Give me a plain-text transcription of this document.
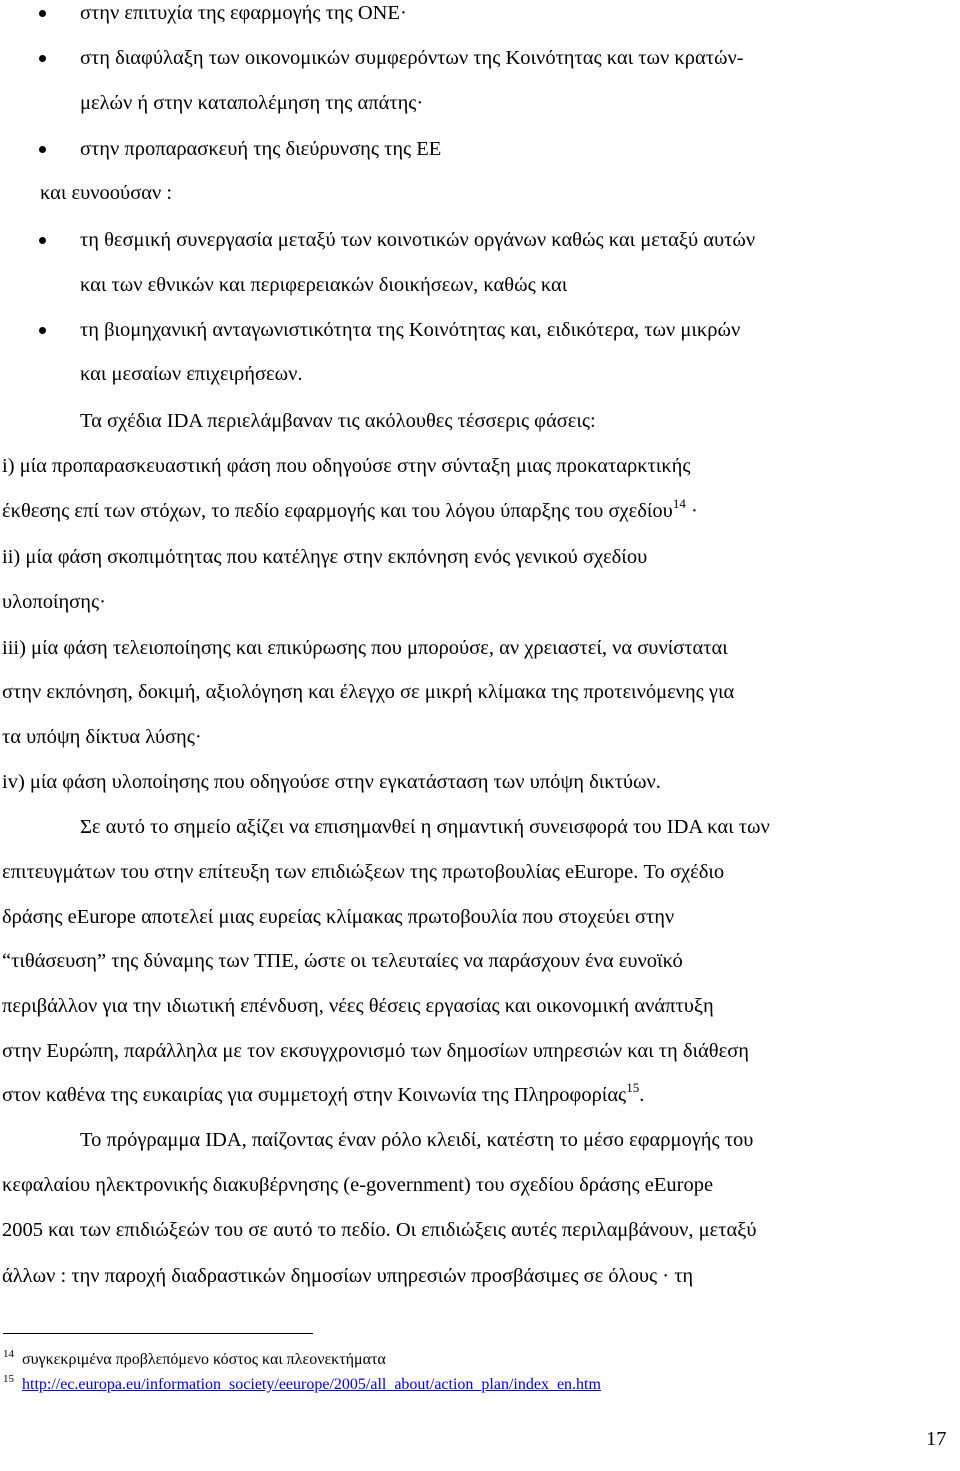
στην επιτυχία της εφαρμογής της ΟΝΕ·
στη διαφύλαξη των οικονομικών συμφερόντων της Κοινότητας και των κρατών-
μελών ή στην καταπολέμηση της απάτης·
στην προπαρασκευή της διεύρυνσης της ΕΕ
και ευνοούσαν :
τη θεσμική συνεργασία μεταξύ των κοινοτικών οργάνων καθώς και μεταξύ αυτών
και των εθνικών και περιφερειακών διοικήσεων, καθώς και
τη βιομηχανική ανταγωνιστικότητα της Κοινότητας και, ειδικότερα, των μικρών
και μεσαίων επιχειρήσεων.
Τα σχέδια IDA περιελάμβαναν τις ακόλουθες τέσσερις φάσεις:
i) μία προπαρασκευαστική φάση που οδηγούσε στην σύνταξη μιας προκαταρκτικής
έκθεσης επί των στόχων, το πεδίο εφαρμογής και του λόγου ύπαρξης του σχεδίου$^{14}$ ·
ii) μία φάση σκοπιμότητας που κατέληγε στην εκπόνηση ενός γενικού σχεδίου
υλοποίησης·
iii) μία φάση τελειοποίησης και επικύρωσης που μπορούσε, αν χρειαστεί, να συνίσταται
στην εκπόνηση, δοκιμή, αξιολόγηση και έλεγχο σε μικρή κλίμακα της προτεινόμενης για
τα υπόψη δίκτυα λύσης·
iv) μία φάση υλοποίησης που οδηγούσε στην εγκατάσταση των υπόψη δικτύων.
Σε αυτό το σημείο αξίζει να επισημανθεί η σημαντική συνεισφορά του IDA και των
επιτευγμάτων του στην επίτευξη των επιδιώξεων της πρωτοβουλίας eEurope. Το σχέδιο
δράσης eEurope αποτελεί μιας ευρείας κλίμακας πρωτοβουλία που στοχεύει στην
“τιθάσευση” της δύναμης των ΤΠΕ, ώστε οι τελευταίες να παράσχουν ένα ευνοϊκό
περιβάλλον για την ιδιωτική επένδυση, νέες θέσεις εργασίας και οικονομική ανάπτυξη
στην Ευρώπη, παράλληλα με τον εκσυγχρονισμό των δημοσίων υπηρεσιών και τη διάθεση
στον καθένα της ευκαιρίας για συμμετοχή στην Κοινωνία της Πληροφορίας$^{15}$.
Το πρόγραμμα IDA, παίζοντας έναν ρόλο κλειδί, κατέστη το μέσο εφαρμογής του
κεφαλαίου ηλεκτρονικής διακυβέρνησης (e-government) του σχεδίου δράσης eEurope
2005 και των επιδιώξεών του σε αυτό το πεδίο. Οι επιδιώξεις αυτές περιλαμβάνουν, μεταξύ
άλλων : την παροχή διαδραστικών δημοσίων υπηρεσιών προσβάσιμες σε όλους · τη
14 συγκεκριμένα προβλεπόμενο κόστος και πλεονεκτήματα
15 http://ec.europa.eu/information_society/eeurope/2005/all_about/action_plan/index_en.htm
17
